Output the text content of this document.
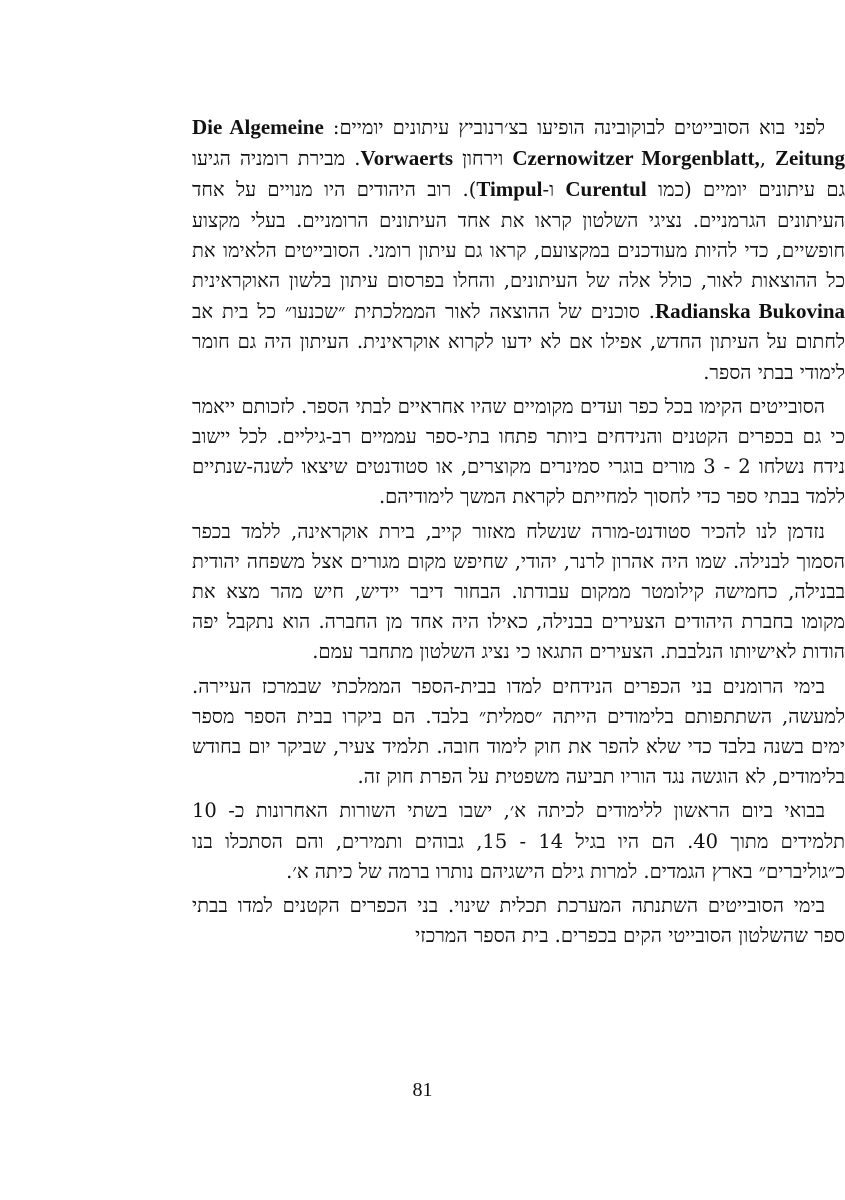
לפני בוא הסובייטים לבוקובינה הופיעו בצ׳רנוביץ עיתונים יומיים: Die Algemeine Zeitung ,Czernowitzer Morgenblatt, וירחון Vorwaerts. מבירת רומניה הגיעו גם עיתונים יומיים (כמו Curentul ו-Timpul). רוב היהודים היו מנויים על אחד העיתונים הגרמניים. נציגי השלטון קראו את אחד העיתונים הרומניים. בעלי מקצוע חופשיים, כדי להיות מעודכנים במקצועם, קראו גם עיתון רומני. הסובייטים הלאימו את כל ההוצאות לאור, כולל אלה של העיתונים, והחלו בפרסום עיתון בלשון האוקראינית Radianska Bukovina. סוכנים של ההוצאה לאור הממלכתית ״שכנעו״ כל בית אב לחתום על העיתון החדש, אפילו אם לא ידעו לקרוא אוקראינית. העיתון היה גם חומר לימודי בבתי הספר.

הסובייטים הקימו בכל כפר ועדים מקומיים שהיו אחראיים לבתי הספר. לזכותם ייאמר כי גם בכפרים הקטנים והנידחים ביותר פתחו בתי-ספר עממיים רב-גיליים. לכל יישוב נידח נשלחו 2 - 3 מורים בוגרי סמינרים מקוצרים, או סטודנטים שיצאו לשנה-שנתיים ללמד בבתי ספר כדי לחסוך למחייתם לקראת המשך לימודיהם.

נזדמן לנו להכיר סטודנט-מורה שנשלח מאזור קייב, בירת אוקראינה, ללמד בכפר הסמוך לבנילה. שמו היה אהרון לרנר, יהודי, שחיפש מקום מגורים אצל משפחה יהודית בבנילה, כחמישה קילומטר ממקום עבודתו. הבחור דיבר יידיש, חיש מהר מצא את מקומו בחברת היהודים הצעירים בבנילה, כאילו היה אחד מן החברה. הוא נתקבל יפה הודות לאישיותו הנלבבת. הצעירים התגאו כי נציג השלטון מתחבר עמם.

בימי הרומנים בני הכפרים הנידחים למדו בבית-הספר הממלכתי שבמרכז העיירה. למעשה, השתתפותם בלימודים הייתה ״סמלית״ בלבד. הם ביקרו בבית הספר מספר ימים בשנה בלבד כדי שלא להפר את חוק לימוד חובה. תלמיד צעיר, שביקר יום בחודש בלימודים, לא הוגשה נגד הוריו תביעה משפטית על הפרת חוק זה.

בבואי ביום הראשון ללימודים לכיתה א׳, ישבו בשתי השורות האחרונות כ- 10 תלמידים מתוך 40. הם היו בגיל 14 - 15, גבוהים ותמירים, והם הסתכלו בנו כ״גוליברים״ בארץ הגמדים. למרות גילם הישגיהם נותרו ברמה של כיתה א׳.

בימי הסובייטים השתנתה המערכת תכלית שינוי. בני הכפרים הקטנים למדו בבתי ספר שהשלטון הסובייטי הקים בכפרים. בית הספר המרכזי

81
